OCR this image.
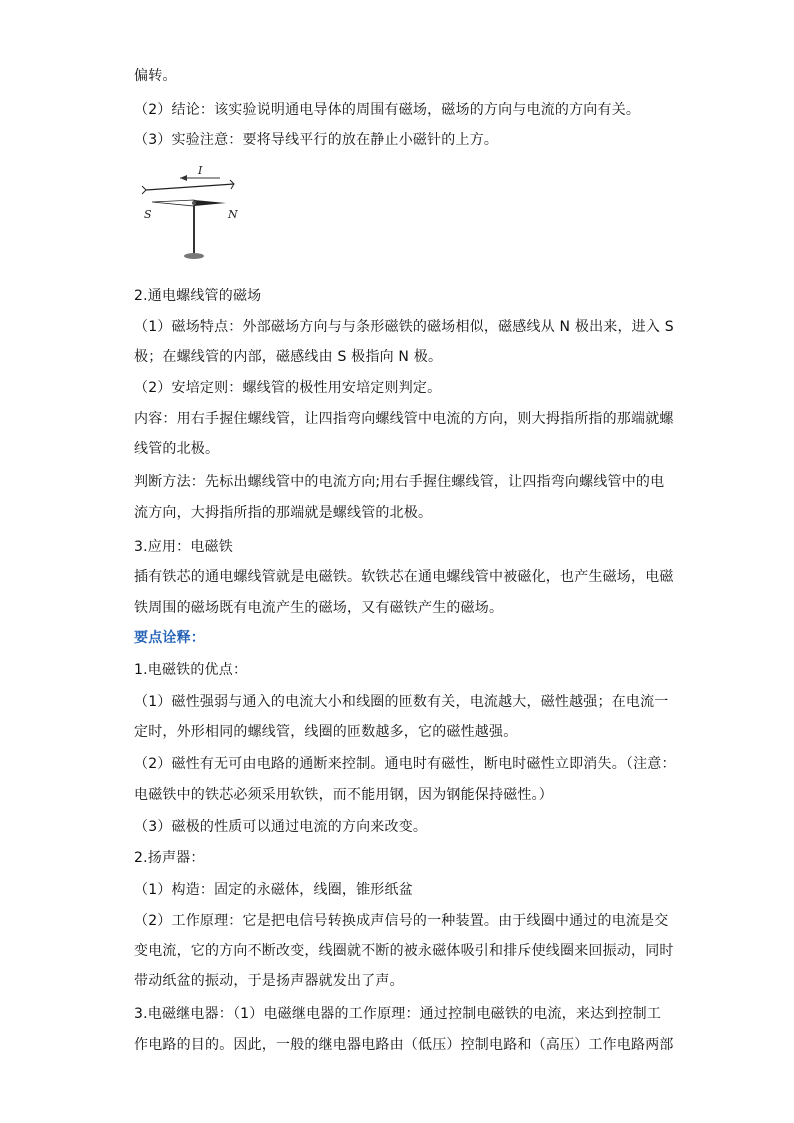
偏转。
（2）结论：该实验说明通电导体的周围有磁场，磁场的方向与电流的方向有关。
（3）实验注意：要将导线平行的放在静止小磁针的上方。
I
S	N
2.通电螺线管的磁场
（1）磁场特点：外部磁场方向与与条形磁铁的磁场相似，磁感线从 N 极出来，进入 S
极；在螺线管的内部，磁感线由 S 极指向 N 极。
（2）安培定则：螺线管的极性用安培定则判定。
内容：用右手握住螺线管，让四指弯向螺线管中电流的方向，则大拇指所指的那端就螺
线管的北极。
判断方法：先标出螺线管中的电流方向;用右手握住螺线管，让四指弯向螺线管中的电
流方向，大拇指所指的那端就是螺线管的北极。
3.应用：电磁铁
插有铁芯的通电螺线管就是电磁铁。软铁芯在通电螺线管中被磁化，也产生磁场，电磁
铁周围的磁场既有电流产生的磁场，又有磁铁产生的磁场。
要点诠释：
1.电磁铁的优点：
（1）磁性强弱与通入的电流大小和线圈的匝数有关，电流越大，磁性越强；在电流一
定时，外形相同的螺线管，线圈的匝数越多，它的磁性越强。
（2）磁性有无可由电路的通断来控制。通电时有磁性，断电时磁性立即消失。（注意：
电磁铁中的铁芯必须采用软铁，而不能用钢，因为钢能保持磁性。）
（3）磁极的性质可以通过电流的方向来改变。
2.扬声器：
（1）构造：固定的永磁体，线圈，锥形纸盆
（2）工作原理：它是把电信号转换成声信号的一种装置。由于线圈中通过的电流是交
变电流，它的方向不断改变，线圈就不断的被永磁体吸引和排斥使线圈来回振动，同时
带动纸盆的振动，于是扬声器就发出了声。
3.电磁继电器：（1）电磁继电器的工作原理：通过控制电磁铁的电流，来达到控制工
作电路的目的。因此，一般的继电器电路由（低压）控制电路和（高压）工作电路两部
